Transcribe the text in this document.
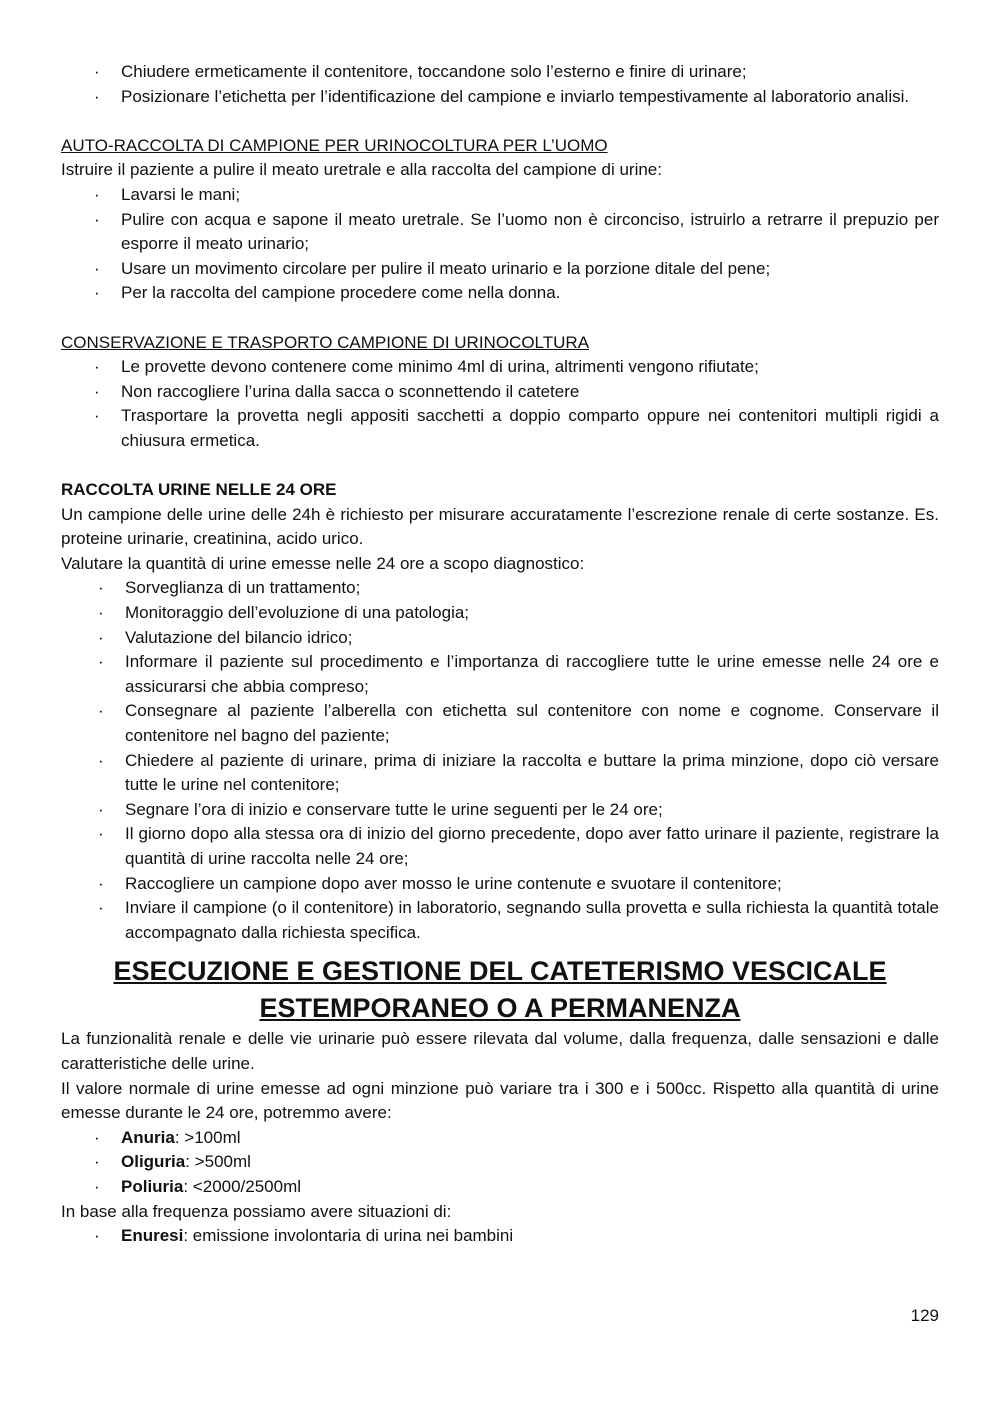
· Chiudere ermeticamente il contenitore, toccandone solo l’esterno e finire di urinare;
· Posizionare l’etichetta per l’identificazione del campione e inviarlo tempestivamente al laboratorio analisi.

AUTO-RACCOLTA DI CAMPIONE PER URINOCOLTURA PER L’UOMO

Istruire il paziente a pulire il meato uretrale e alla raccolta del campione di urine:

· Lavarsi le mani;
· Pulire con acqua e sapone il meato uretrale. Se l’uomo non è circonciso, istruirlo a retrarre il prepuzio per esporre il meato urinario;
· Usare un movimento circolare per pulire il meato urinario e la porzione ditale del pene;
· Per la raccolta del campione procedere come nella donna.

CONSERVAZIONE E TRASPORTO CAMPIONE DI URINOCOLTURA

· Le provette devono contenere come minimo 4ml di urina, altrimenti vengono rifiutate;
· Non raccogliere l’urina dalla sacca o sconnettendo il catetere
· Trasportare la provetta negli appositi sacchetti a doppio comparto oppure nei contenitori multipli rigidi a chiusura ermetica.

RACCOLTA URINE NELLE 24 ORE

Un campione delle urine delle 24h è richiesto per misurare accuratamente l’escrezione renale di certe sostanze. Es. proteine urinarie, creatinina, acido urico.

Valutare la quantità di urine emesse nelle 24 ore a scopo diagnostico:

· Sorveglianza di un trattamento;
· Monitoraggio dell’evoluzione di una patologia;
· Valutazione del bilancio idrico;
· Informare il paziente sul procedimento e l’importanza di raccogliere tutte le urine emesse nelle 24 ore e assicurarsi che abbia compreso;
· Consegnare al paziente l’alberella con etichetta sul contenitore con nome e cognome. Conservare il contenitore nel bagno del paziente;
· Chiedere al paziente di urinare, prima di iniziare la raccolta e buttare la prima minzione, dopo ciò versare tutte le urine nel contenitore;
· Segnare l’ora di inizio e conservare tutte le urine seguenti per le 24 ore;
· Il giorno dopo alla stessa ora di inizio del giorno precedente, dopo aver fatto urinare il paziente, registrare la quantità di urine raccolta nelle 24 ore;
· Raccogliere un campione dopo aver mosso le urine contenute e svuotare il contenitore;
· Inviare il campione (o il contenitore) in laboratorio, segnando sulla provetta e sulla richiesta la quantità totale accompagnato dalla richiesta specifica.
ESECUZIONE E GESTIONE DEL CATETERISMO VESCICALE
ESTEMPORANEO O A PERMANENZA

La funzionalità renale e delle vie urinarie può essere rilevata dal volume, dalla frequenza, dalle sensazioni e dalle caratteristiche delle urine.

Il valore normale di urine emesse ad ogni minzione può variare tra i 300 e i 500cc. Rispetto alla quantità di urine emesse durante le 24 ore, potremmo avere:

· Anuria: >100ml
· Oliguria: >500ml
· Poliuria: <2000/2500ml

In base alla frequenza possiamo avere situazioni di:

· Enuresi: emissione involontaria di urina nei bambini
129
